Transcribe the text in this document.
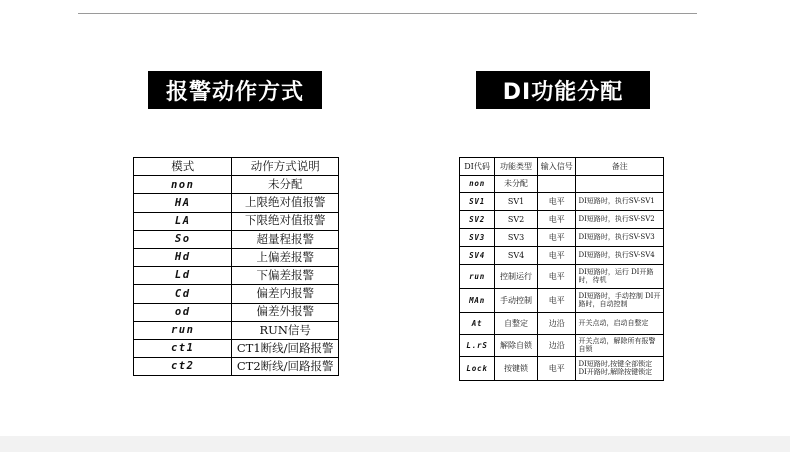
报警动作方式	DI功能分配
模式	动作方式说明
non	未分配
HA	上限绝对值报警
LA	下限绝对值报警
So	超量程报警
Hd	上偏差报警
Ld	下偏差报警
Cd	偏差内报警
od	偏差外报警
run	RUN信号
ct1	CT1断线/回路报警
ct2	CT2断线/回路报警
DI代码	功能类型	输入信号	备注
non	未分配		
SV1	SV1	电平	DI短路时，执行SV-SV1
SV2	SV2	电平	DI短路时，执行SV-SV2
SV3	SV3	电平	DI短路时，执行SV-SV3
SV4	SV4	电平	DI短路时，执行SV-SV4
run	控制运行	电平	DI短路时，运行 DI开路时，待机
MAn	手动控制	电平	DI短路时，手动控制 DI开路时，自动控制
At	自整定	边沿	开关点动，启动自整定
L.rS	解除自锁	边沿	开关点动，解除所有报警自锁
Lock	按键锁	电平	DI短路时,按键全部锁定 DI开路时,解除按键锁定
